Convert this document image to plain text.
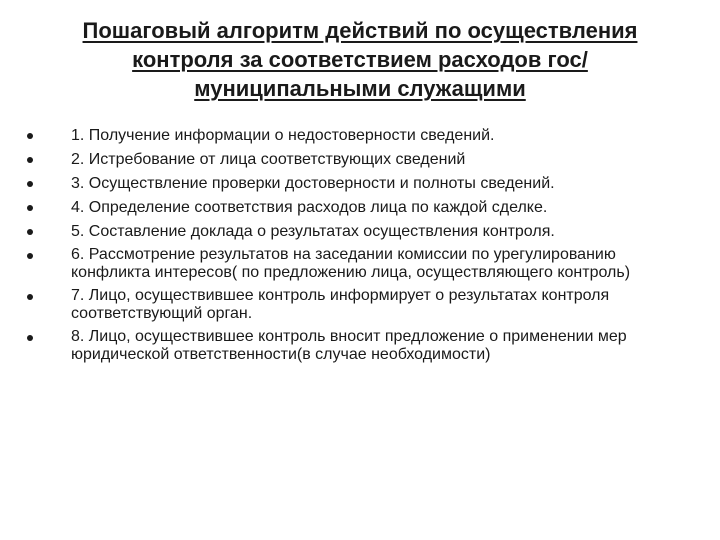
Пошаговый алгоритм действий по осуществления контроля за соответствием расходов гос/муниципальными служащими
1. Получение информации о недостоверности сведений.
2. Истребование от лица соответствующих сведений
3. Осуществление проверки достоверности и полноты сведений.
4. Определение соответствия расходов лица по каждой сделке.
5. Составление доклада о результатах осуществления контроля.
6. Рассмотрение результатов на заседании комиссии по урегулированию конфликта интересов( по предложению лица, осуществляющего контроль)
7. Лицо, осуществившее контроль информирует о результатах контроля соответствующий орган.
8. Лицо, осуществившее контроль вносит предложение о применении мер юридической ответственности(в случае необходимости)
